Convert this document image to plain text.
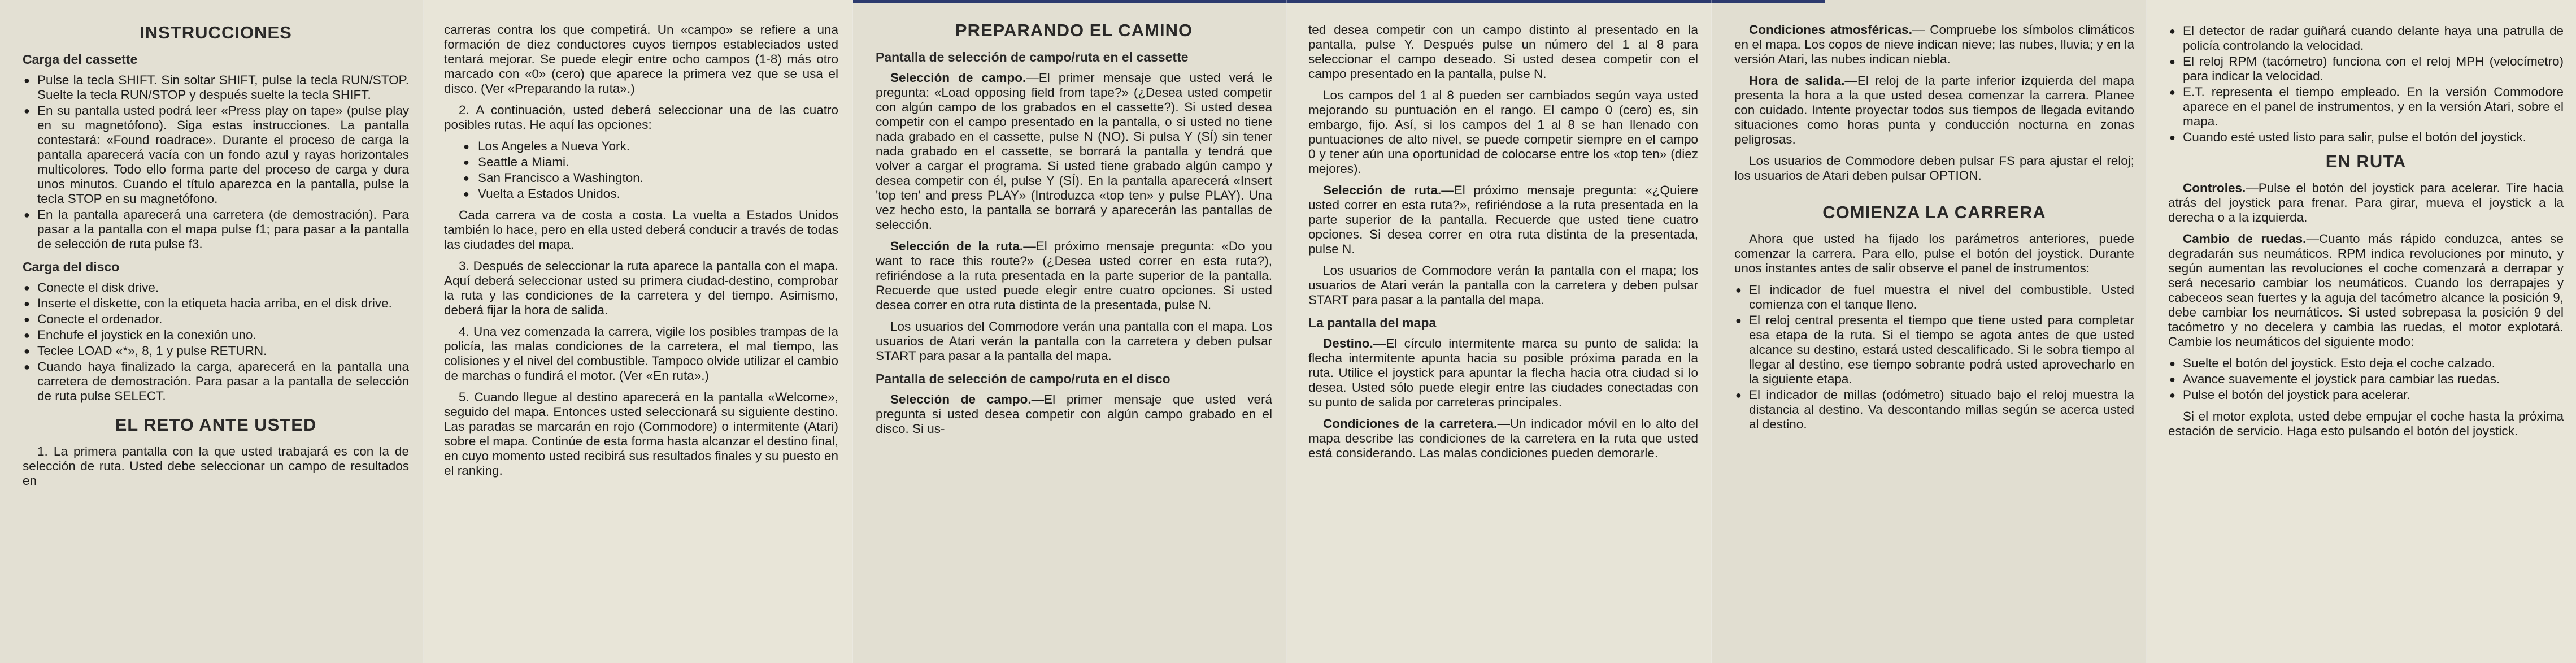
INSTRUCCIONES
Carga del cassette
● Pulse la tecla SHIFT. Sin soltar SHIFT, pulse la tecla RUN/STOP. Suelte la tecla RUN/STOP y después suelte la tecla SHIFT.
● En su pantalla usted podrá leer «Press play on tape» (pulse play en su magnetófono). Siga estas instrucciones. La pantalla contestará: «Found roadrace». Durante el proceso de carga la pantalla aparecerá vacía con un fondo azul y rayas horizontales multicolores. Todo ello forma parte del proceso de carga y dura unos minutos. Cuando el título aparezca en la pantalla, pulse la tecla STOP en su magnetófono.
● En la pantalla aparecerá una carretera (de demostración). Para pasar a la pantalla con el mapa pulse f1; para pasar a la pantalla de selección de ruta pulse f3.
Carga del disco
● Conecte el disk drive.
● Inserte el diskette, con la etiqueta hacia arriba, en el disk drive.
● Conecte el ordenador.
● Enchufe el joystick en la conexión uno.
● Teclee LOAD «*», 8, 1 y pulse RETURN.
● Cuando haya finalizado la carga, aparecerá en la pantalla una carretera de demostración. Para pasar a la pantalla de selección de ruta pulse SELECT.
EL RETO ANTE USTED

1. La primera pantalla con la que usted trabajará es con la de selección de ruta. Usted debe seleccionar un campo de resultados en

carreras contra los que competirá. Un «campo» se refiere a una formación de diez conductores cuyos tiempos estableciados usted tentará mejorar. Se puede elegir entre ocho campos (1-8) más otro marcado con «0» (cero) que aparece la primera vez que se usa el disco. (Ver «Preparando la ruta».)

2. A continuación, usted deberá seleccionar una de las cuatro posibles rutas. He aquí las opciones:

● Los Angeles a Nueva York.
● Seattle a Miami.
● San Francisco a Washington.
● Vuelta a Estados Unidos.

Cada carrera va de costa a costa. La vuelta a Estados Unidos también lo hace, pero en ella usted deberá conducir a través de todas las ciudades del mapa.

3. Después de seleccionar la ruta aparece la pantalla con el mapa. Aquí deberá seleccionar usted su primera ciudad-destino, comprobar la ruta y las condiciones de la carretera y del tiempo. Asimismo, deberá fijar la hora de salida.

4. Una vez comenzada la carrera, vigile los posibles trampas de la policía, las malas condiciones de la carretera, el mal tiempo, las colisiones y el nivel del combustible. Tampoco olvide utilizar el cambio de marchas o fundirá el motor. (Ver «En ruta».)

5. Cuando llegue al destino aparecerá en la pantalla «Welcome», seguido del mapa. Entonces usted seleccionará su siguiente destino. Las paradas se marcarán en rojo (Commodore) o intermitente (Atari) sobre el mapa. Continúe de esta forma hasta alcanzar el destino final, en cuyo momento usted recibirá sus resultados finales y su puesto en el ranking.

PREPARANDO EL CAMINO
Pantalla de selección de campo/ruta en el cassette

Selección de campo.—El primer mensaje que usted verá le pregunta: «Load opposing field from tape?» (¿Desea usted competir con algún campo de los grabados en el cassette?). Si usted desea competir con el campo presentado en la pantalla, o si usted no tiene nada grabado en el cassette, pulse N (NO). Si pulsa Y (SÍ) sin tener nada grabado en el cassette, se borrará la pantalla y tendrá que volver a cargar el programa. Si usted tiene grabado algún campo y desea competir con él, pulse Y (SÍ). En la pantalla aparecerá «Insert 'top ten' and press PLAY» (Introduzca «top ten» y pulse PLAY). Una vez hecho esto, la pantalla se borrará y aparecerán las pantallas de selección.

Selección de la ruta.—El próximo mensaje pregunta: «Do you want to race this route?» (¿Desea usted correr en esta ruta?), refiriéndose a la ruta presentada en la parte superior de la pantalla. Recuerde que usted puede elegir entre cuatro opciones. Si usted desea correr en otra ruta distinta de la presentada, pulse N.

Los usuarios del Commodore verán una pantalla con el mapa. Los usuarios de Atari verán la pantalla con la carretera y deben pulsar START para pasar a la pantalla del mapa.

Pantalla de selección de campo/ruta en el disco

Selección de campo.—El primer mensaje que usted verá pregunta si usted desea competir con algún campo grabado en el disco. Si us-

ted desea competir con un campo distinto al presentado en la pantalla, pulse Y. Después pulse un número del 1 al 8 para seleccionar el campo deseado. Si usted desea competir con el campo presentado en la pantalla, pulse N.

Los campos del 1 al 8 pueden ser cambiados según vaya usted mejorando su puntuación en el rango. El campo 0 (cero) es, sin embargo, fijo. Así, si los campos del 1 al 8 se han llenado con puntuaciones de alto nivel, se puede competir siempre en el campo 0 y tener aún una oportunidad de colocarse entre los «top ten» (diez mejores).

Selección de ruta.—El próximo mensaje pregunta: «¿Quiere usted correr en esta ruta?», refiriéndose a la ruta presentada en la parte superior de la pantalla. Recuerde que usted tiene cuatro opciones. Si desea correr en otra ruta distinta de la presentada, pulse N.

Los usuarios de Commodore verán la pantalla con el mapa; los usuarios de Atari verán la pantalla con la carretera y deben pulsar START para pasar a la pantalla del mapa.

La pantalla del mapa

Destino.—El círculo intermitente marca su punto de salida: la flecha intermitente apunta hacia su posible próxima parada en la ruta. Utilice el joystick para apuntar la flecha hacia otra ciudad si lo desea. Usted sólo puede elegir entre las ciudades conectadas con su punto de salida por carreteras principales.

Condiciones de la carretera.—Un indicador móvil en lo alto del mapa describe las condiciones de la carretera en la ruta que usted está considerando. Las malas condiciones pueden demorarle.

Condiciones atmosféricas.— Compruebe los símbolos climáticos en el mapa. Los copos de nieve indican nieve; las nubes, lluvia; y en la versión Atari, las nubes indican niebla.

Hora de salida.—El reloj de la parte inferior izquierda del mapa presenta la hora a la que usted desea comenzar la carrera. Planee con cuidado. Intente proyectar todos sus tiempos de llegada evitando situaciones como horas punta y conducción nocturna en zonas peligrosas.

Los usuarios de Commodore deben pulsar FS para ajustar el reloj; los usuarios de Atari deben pulsar OPTION.

COMIENZA LA CARRERA

Ahora que usted ha fijado los parámetros anteriores, puede comenzar la carrera. Para ello, pulse el botón del joystick. Durante unos instantes antes de salir observe el panel de instrumentos:

● El indicador de fuel muestra el nivel del combustible. Usted comienza con el tanque lleno.
● El reloj central presenta el tiempo que tiene usted para completar esa etapa de la ruta. Si el tiempo se agota antes de que usted alcance su destino, estará usted descalificado. Si le sobra tiempo al llegar al destino, ese tiempo sobrante podrá usted aprovecharlo en la siguiente etapa.
● El indicador de millas (odómetro) situado bajo el reloj muestra la distancia al destino. Va descontando millas según se acerca usted al destino.
● El detector de radar guiñará cuando delante haya una patrulla de policía controlando la velocidad.
● El reloj RPM (tacómetro) funciona con el reloj MPH (velocímetro) para indicar la velocidad.
● E.T. representa el tiempo empleado. En la versión Commodore aparece en el panel de instrumentos, y en la versión Atari, sobre el mapa.
● Cuando esté usted listo para salir, pulse el botón del joystick.
EN RUTA

Controles.—Pulse el botón del joystick para acelerar. Tire hacia atrás del joystick para frenar. Para girar, mueva el joystick a la derecha o a la izquierda.

Cambio de ruedas.—Cuanto más rápido conduzca, antes se degradarán sus neumáticos. RPM indica revoluciones por minuto, y según aumentan las revoluciones el coche comenzará a derrapar y será necesario cambiar los neumáticos. Cuando los derrapajes y cabeceos sean fuertes y la aguja del tacómetro alcance la posición 9, debe cambiar los neumáticos. Si usted sobrepasa la posición 9 del tacómetro y no decelera y cambia las ruedas, el motor explotará. Cambie los neumáticos del siguiente modo:

● Suelte el botón del joystick. Esto deja el coche calzado.
● Avance suavemente el joystick para cambiar las ruedas.
● Pulse el botón del joystick para acelerar.

Si el motor explota, usted debe empujar el coche hasta la próxima estación de servicio. Haga esto pulsando el botón del joystick.
